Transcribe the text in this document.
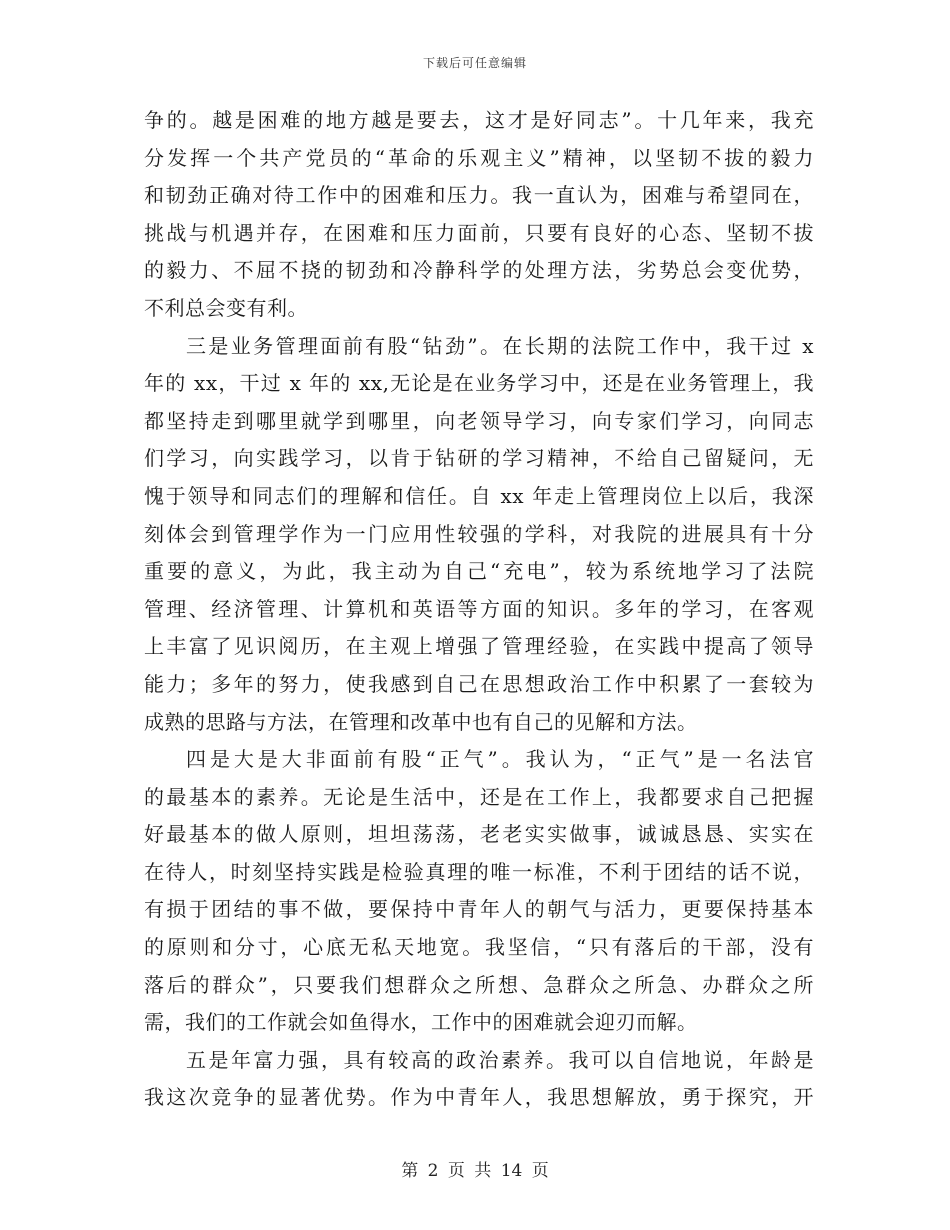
下载后可任意编辑
争的。越是困难的地方越是要去，这才是好同志”。十几年来，我充
分发挥一个共产党员的“革命的乐观主义”精神，以坚韧不拔的毅力
和韧劲正确对待工作中的困难和压力。我一直认为，困难与希望同在，
挑战与机遇并存，在困难和压力面前，只要有良好的心态、坚韧不拔
的毅力、不屈不挠的韧劲和冷静科学的处理方法，劣势总会变优势，
不利总会变有利。
三是业务管理面前有股“钻劲”。在长期的法院工作中，我干过 x
年的 xx，干过 x 年的 xx,无论是在业务学习中，还是在业务管理上，我
都坚持走到哪里就学到哪里，向老领导学习，向专家们学习，向同志
们学习，向实践学习，以肯于钻研的学习精神，不给自己留疑问，无
愧于领导和同志们的理解和信任。自 xx 年走上管理岗位上以后，我深
刻体会到管理学作为一门应用性较强的学科，对我院的进展具有十分
重要的意义，为此，我主动为自己“充电”，较为系统地学习了法院
管理、经济管理、计算机和英语等方面的知识。多年的学习，在客观
上丰富了见识阅历，在主观上增强了管理经验，在实践中提高了领导
能力；多年的努力，使我感到自己在思想政治工作中积累了一套较为
成熟的思路与方法，在管理和改革中也有自己的见解和方法。
四是大是大非面前有股“正气”。我认为，“正气”是一名法官
的最基本的素养。无论是生活中，还是在工作上，我都要求自己把握
好最基本的做人原则，坦坦荡荡，老老实实做事，诚诚恳恳、实实在
在待人，时刻坚持实践是检验真理的唯一标准，不利于团结的话不说，
有损于团结的事不做，要保持中青年人的朝气与活力，更要保持基本
的原则和分寸，心底无私天地宽。我坚信，“只有落后的干部，没有
落后的群众”，只要我们想群众之所想、急群众之所急、办群众之所
需，我们的工作就会如鱼得水，工作中的困难就会迎刃而解。
五是年富力强，具有较高的政治素养。我可以自信地说，年龄是
我这次竞争的显著优势。作为中青年人，我思想解放，勇于探究，开
第 2 页 共 14 页
